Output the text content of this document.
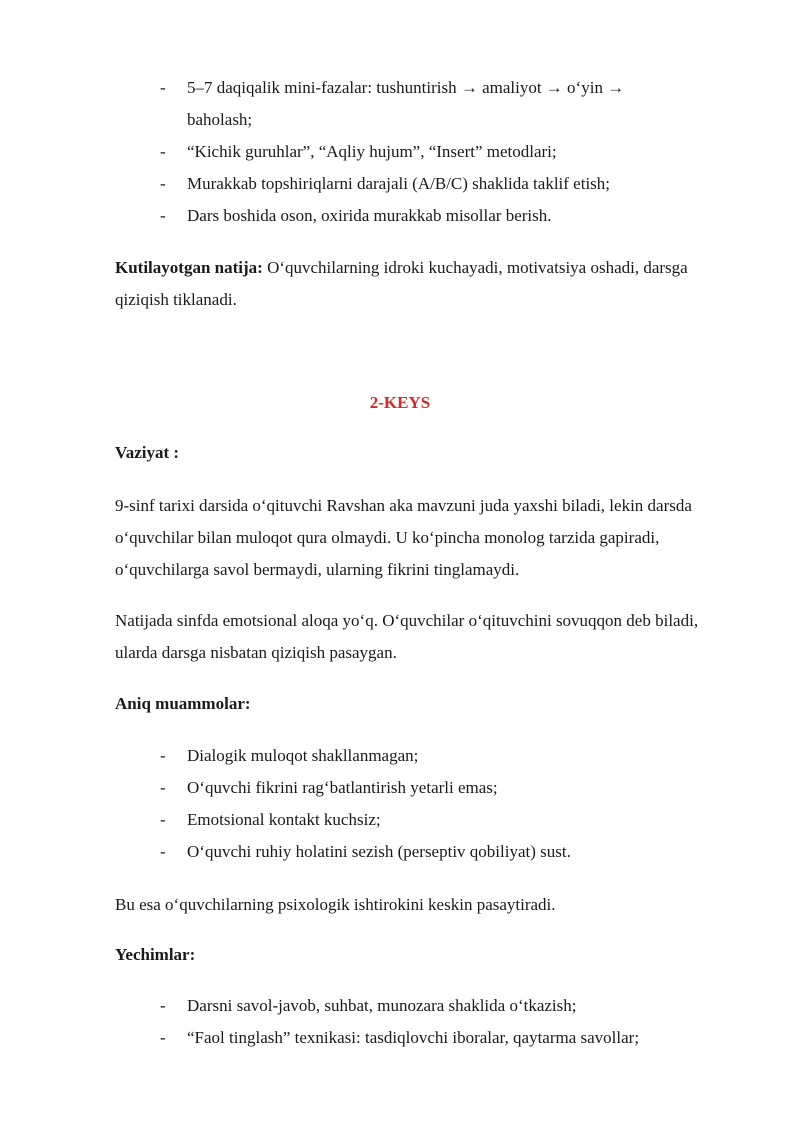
- 5–7 daqiqalik mini-fazalar: tushuntirish → amaliyot → o‘yin → baholash;
- “Kichik guruhlar”, “Aqliy hujum”, “Insert” metodlari;
- Murakkab topshiriqlarni darajali (A/B/C) shaklida taklif etish;
- Dars boshida oson, oxirida murakkab misollar berish.

Kutilayotgan natija: O‘quvchilarning idroki kuchayadi, motivatsiya oshadi, darsga qiziqish tiklanadi.

2-KEYS

Vaziyat :

9-sinf tarixi darsida o‘qituvchi Ravshan aka mavzuni juda yaxshi biladi, lekin darsda o‘quvchilar bilan muloqot qura olmaydi. U ko‘pincha monolog tarzida gapiradi, o‘quvchilarga savol bermaydi, ularning fikrini tinglamaydi.

Natijada sinfda emotsional aloqa yo‘q. O‘quvchilar o‘qituvchini sovuqqon deb biladi, ularda darsga nisbatan qiziqish pasaygan.

Aniq muammolar:

- Dialogik muloqot shakllanmagan;
- O‘quvchi fikrini rag‘batlantirish yetarli emas;
- Emotsional kontakt kuchsiz;
- O‘quvchi ruhiy holatini sezish (perseptiv qobiliyat) sust.

Bu esa o‘quvchilarning psixologik ishtirokini keskin pasaytiradi.

Yechimlar:

- Darsni savol-javob, suhbat, munozara shaklida o‘tkazish;
- “Faol tinglash” texnikasi: tasdiqlovchi iboralar, qaytarma savollar;
